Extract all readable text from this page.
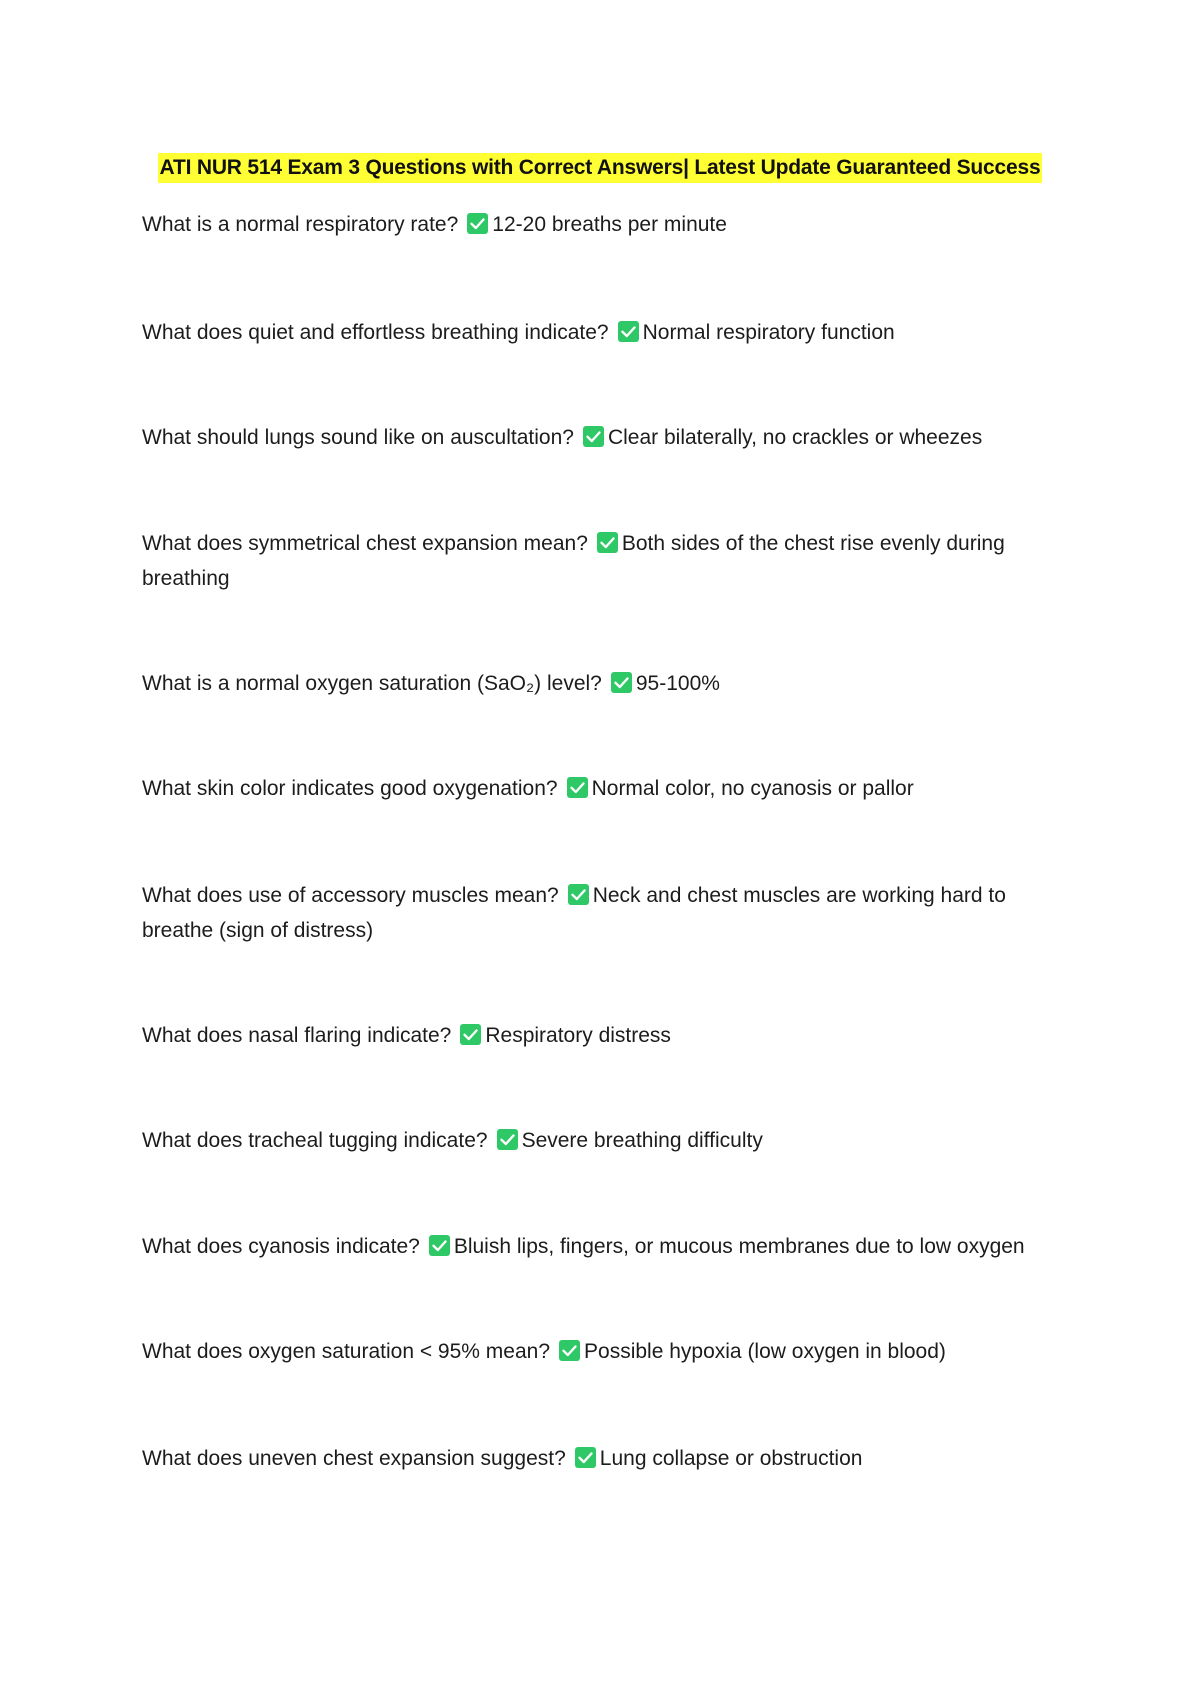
ATI NUR 514 Exam 3 Questions with Correct Answers| Latest Update Guaranteed Success
What is a normal respiratory rate? 12-20 breaths per minute
What does quiet and effortless breathing indicate? Normal respiratory function
What should lungs sound like on auscultation? Clear bilaterally, no crackles or wheezes
What does symmetrical chest expansion mean? Both sides of the chest rise evenly during breathing
What is a normal oxygen saturation (SaO₂) level? 95-100%
What skin color indicates good oxygenation? Normal color, no cyanosis or pallor
What does use of accessory muscles mean? Neck and chest muscles are working hard to breathe (sign of distress)
What does nasal flaring indicate? Respiratory distress
What does tracheal tugging indicate? Severe breathing difficulty
What does cyanosis indicate? Bluish lips, fingers, or mucous membranes due to low oxygen
What does oxygen saturation < 95% mean? Possible hypoxia (low oxygen in blood)
What does uneven chest expansion suggest? Lung collapse or obstruction
